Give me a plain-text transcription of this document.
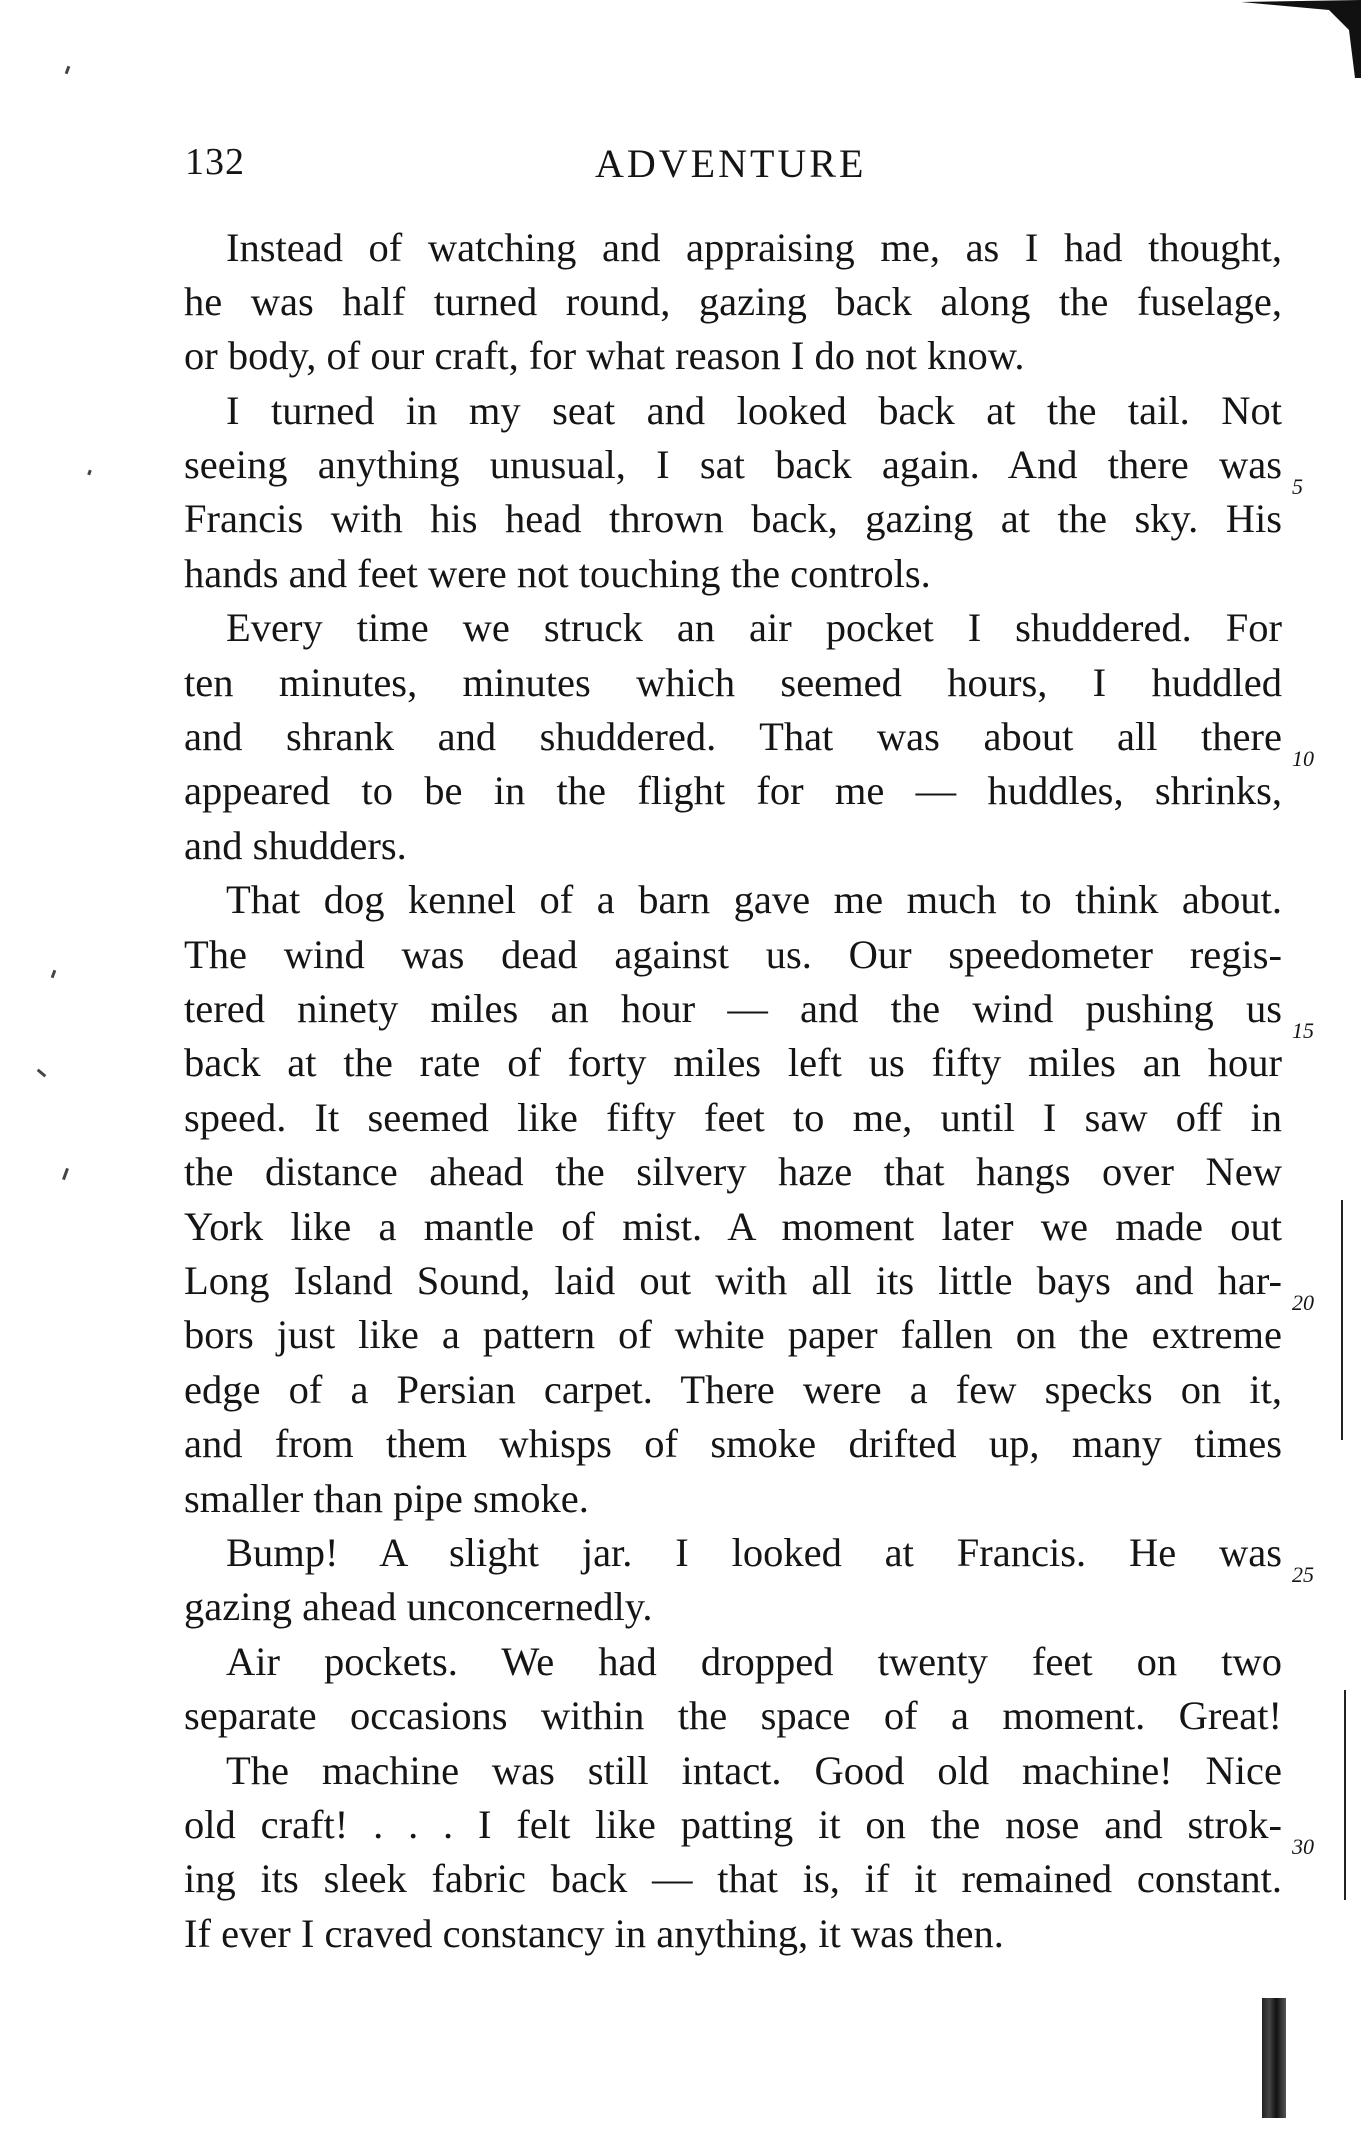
132	ADVENTURE
Instead of watching and appraising me, as I had thought,
he was half turned round, gazing back along the fuselage,
or body, of our craft, for what reason I do not know.
I turned in my seat and looked back at the tail. Not
seeing anything unusual, I sat back again. And there was
Francis with his head thrown back, gazing at the sky. His
hands and feet were not touching the controls.
Every time we struck an air pocket I shuddered. For
ten minutes, minutes which seemed hours, I huddled
and shrank and shuddered. That was about all there
appeared to be in the flight for me — huddles, shrinks,
and shudders.
That dog kennel of a barn gave me much to think about.
The wind was dead against us. Our speedometer regis-
tered ninety miles an hour — and the wind pushing us
back at the rate of forty miles left us fifty miles an hour
speed. It seemed like fifty feet to me, until I saw off in
the distance ahead the silvery haze that hangs over New
York like a mantle of mist. A moment later we made out
Long Island Sound, laid out with all its little bays and har-
bors just like a pattern of white paper fallen on the extreme
edge of a Persian carpet. There were a few specks on it,
and from them whisps of smoke drifted up, many times
smaller than pipe smoke.
Bump! A slight jar. I looked at Francis. He was
gazing ahead unconcernedly.
Air pockets. We had dropped twenty feet on two
separate occasions within the space of a moment. Great!
The machine was still intact. Good old machine! Nice
old craft! . . . I felt like patting it on the nose and strok-
ing its sleek fabric back — that is, if it remained constant.
If ever I craved constancy in anything, it was then.
5
10
15
20
25
30
